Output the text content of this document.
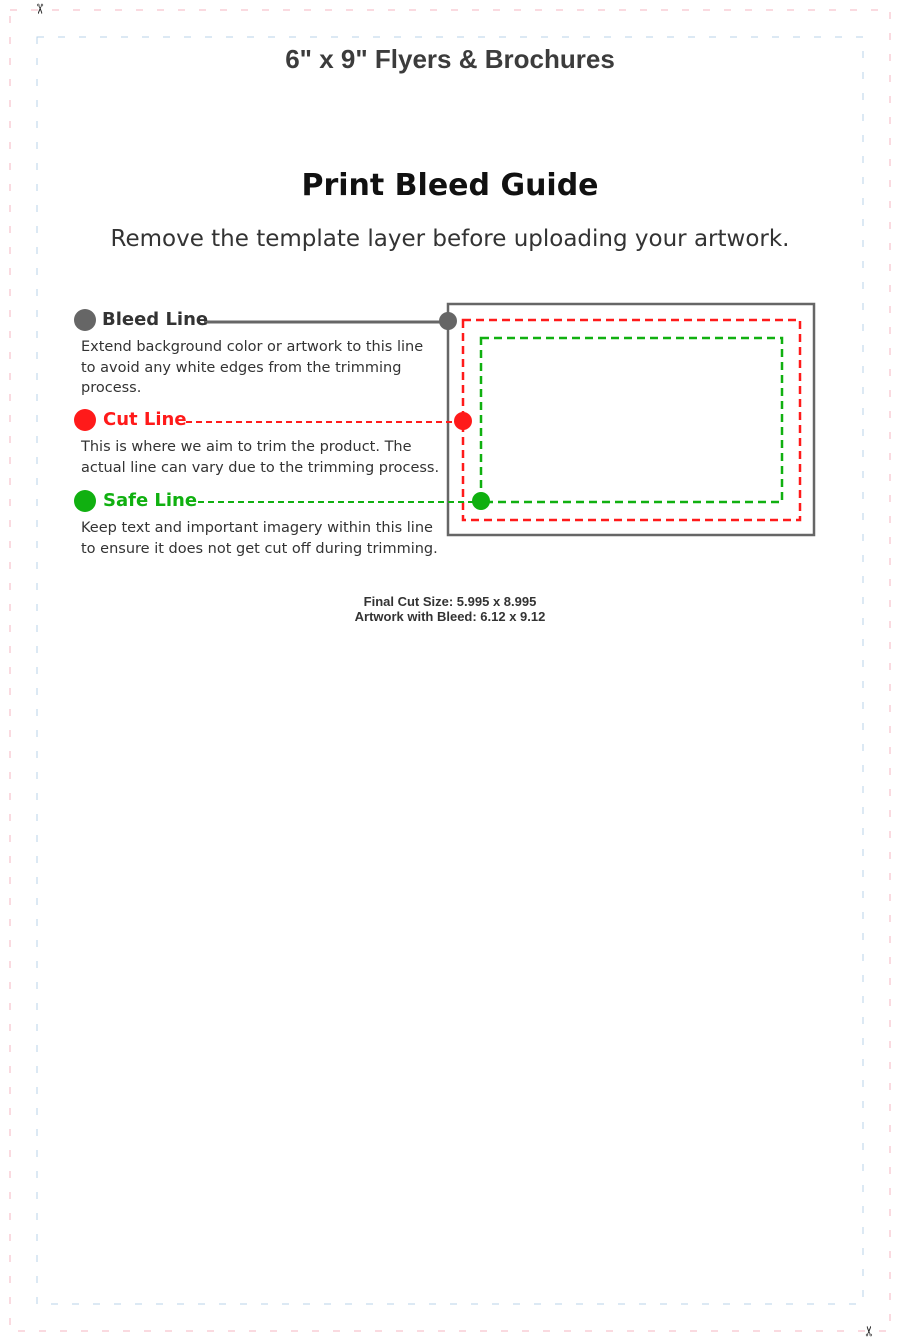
✂
✂
6" x 9" Flyers & Brochures
Print Bleed Guide
Remove the template layer before uploading your artwork.
Bleed Line
Extend background color or artwork to this line to avoid any white edges from the trimming process.
Cut Line
This is where we aim to trim the product. The actual line can vary due to the trimming process.
Safe Line
Keep text and important imagery within this line to ensure it does not get cut off during trimming.
Final Cut Size: 5.995 x 8.995
Artwork with Bleed: 6.12 x 9.12
